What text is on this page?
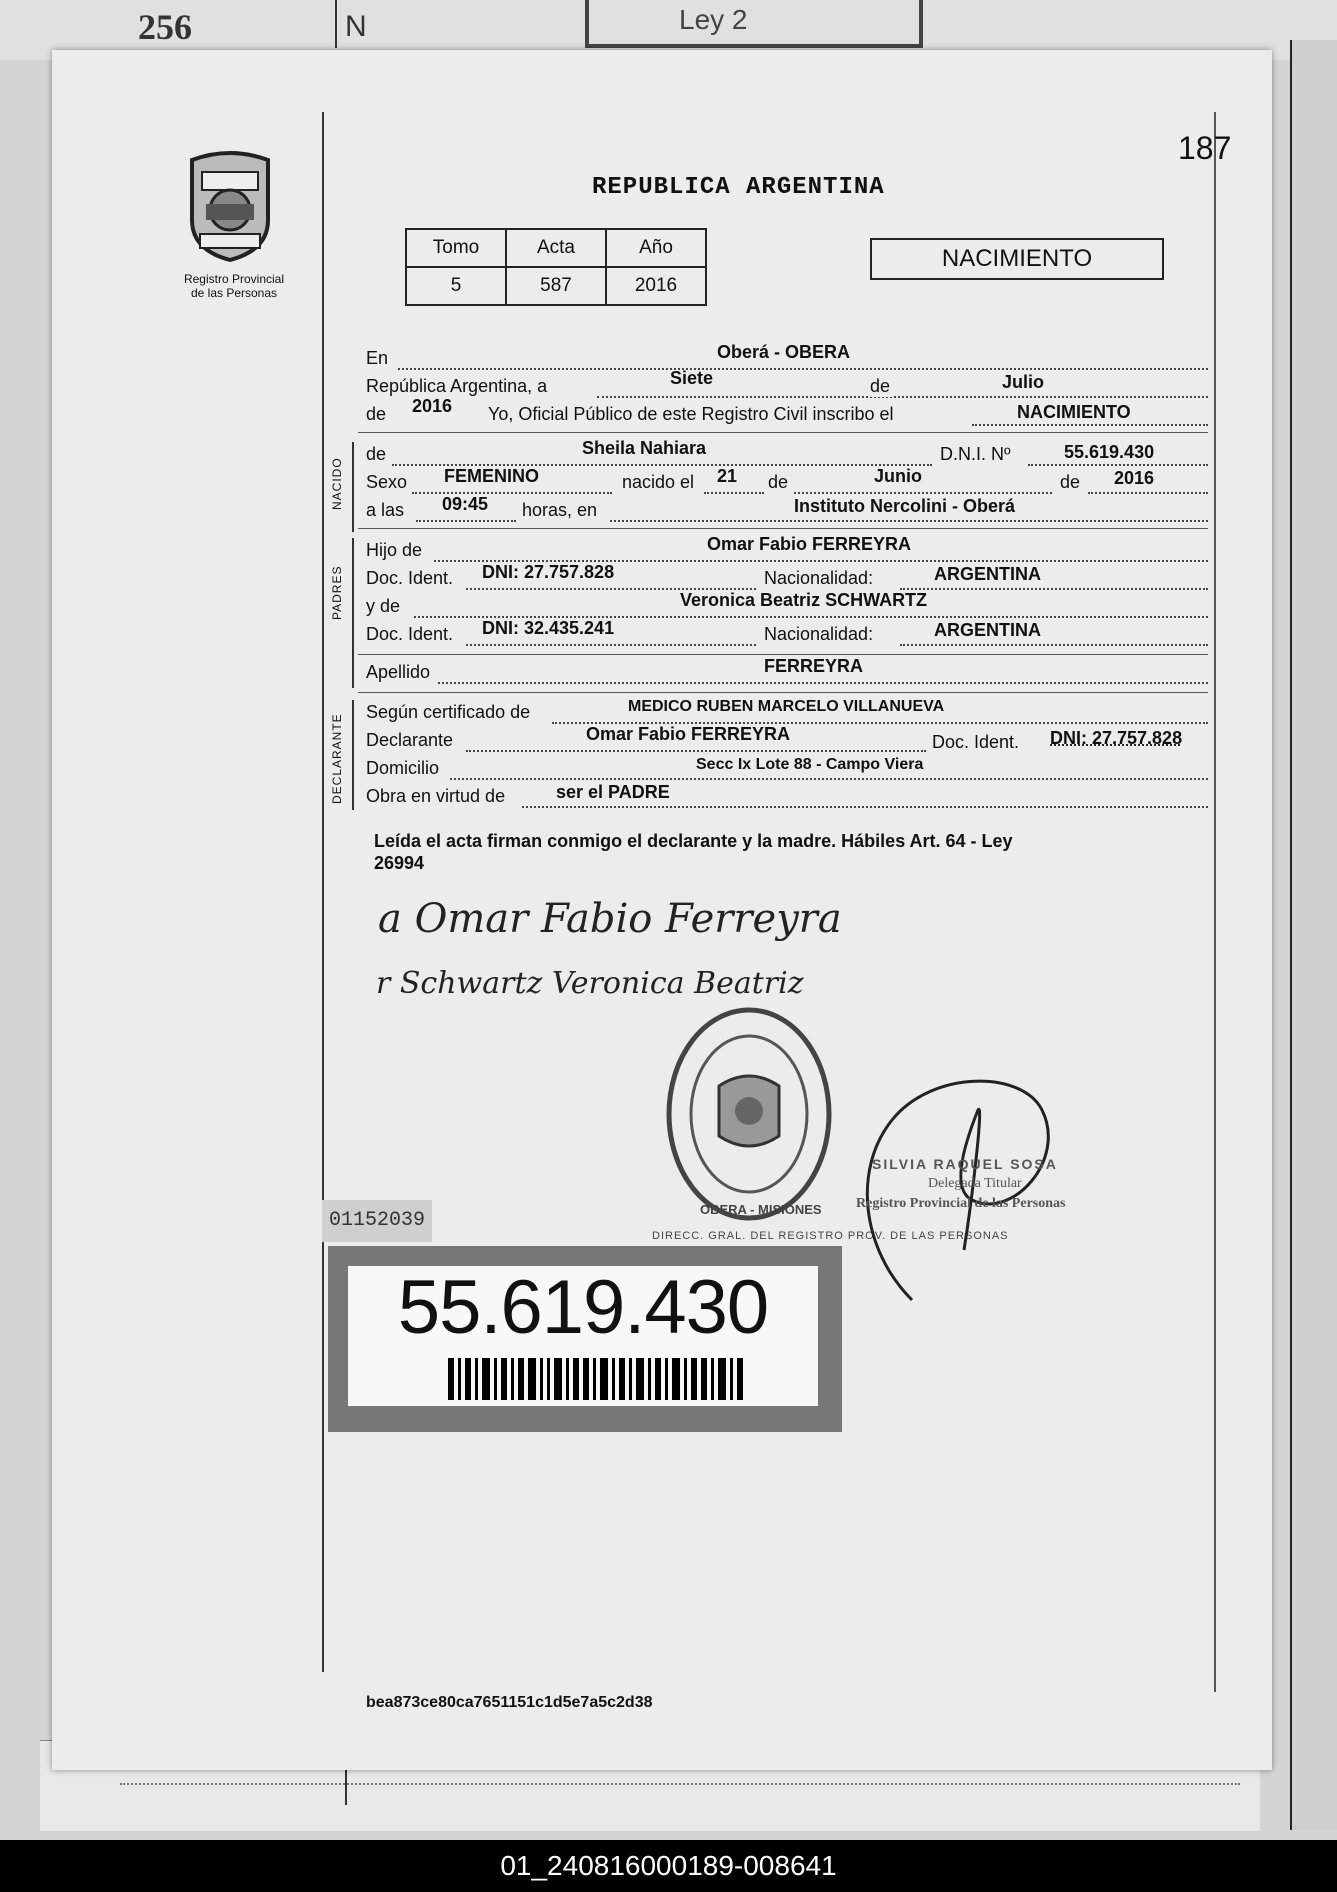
256	N	Ley 2
Registro Provincial
de las Personas
187
REPUBLICA ARGENTINA
Tomo	Acta	Año
5	587	2016
NACIMIENTO
En	Oberá - OBERA
República Argentina, a	Siete	de	Julio
de 2016 Yo, Oficial Público de este Registro Civil inscribo el	NACIMIENTO
NACIDO
de	Sheila Nahiara	D.N.I. Nº	55.619.430
Sexo FEMENINO	nacido el 21 de	Junio	de 2016
a las 09:45 horas, en	Instituto Nercolini - Oberá
PADRES
Hijo de	Omar Fabio FERREYRA
Doc. Ident. DNI: 27.757.828	Nacionalidad:	ARGENTINA
y de	Veronica Beatriz SCHWARTZ
Doc. Ident. DNI: 32.435.241	Nacionalidad:	ARGENTINA
Apellido	FERREYRA
DECLARANTE
Según certificado de	MEDICO RUBEN MARCELO VILLANUEVA
Declarante	Omar Fabio FERREYRA	Doc. Ident. DNI: 27.757.828
Domicilio	Secc Ix Lote 88 - Campo Viera
Obra en virtud de	ser el PADRE
Leída el acta firman conmigo el declarante y la madre. Hábiles Art. 64 - Ley
26994
a Omar Fabio Ferreyra
r Schwartz Veronica Beatriz
DIRECC. GRAL. DEL REGISTRO PROV. DE LAS PERSONAS
OBERA - MISIONES
SILVIA RAQUEL SOSA
Delegada Titular
Registro Provincial de las Personas
01152039
55.619.430
bea873ce80ca7651151c1d5e7a5c2d38
01_240816000189-008641
